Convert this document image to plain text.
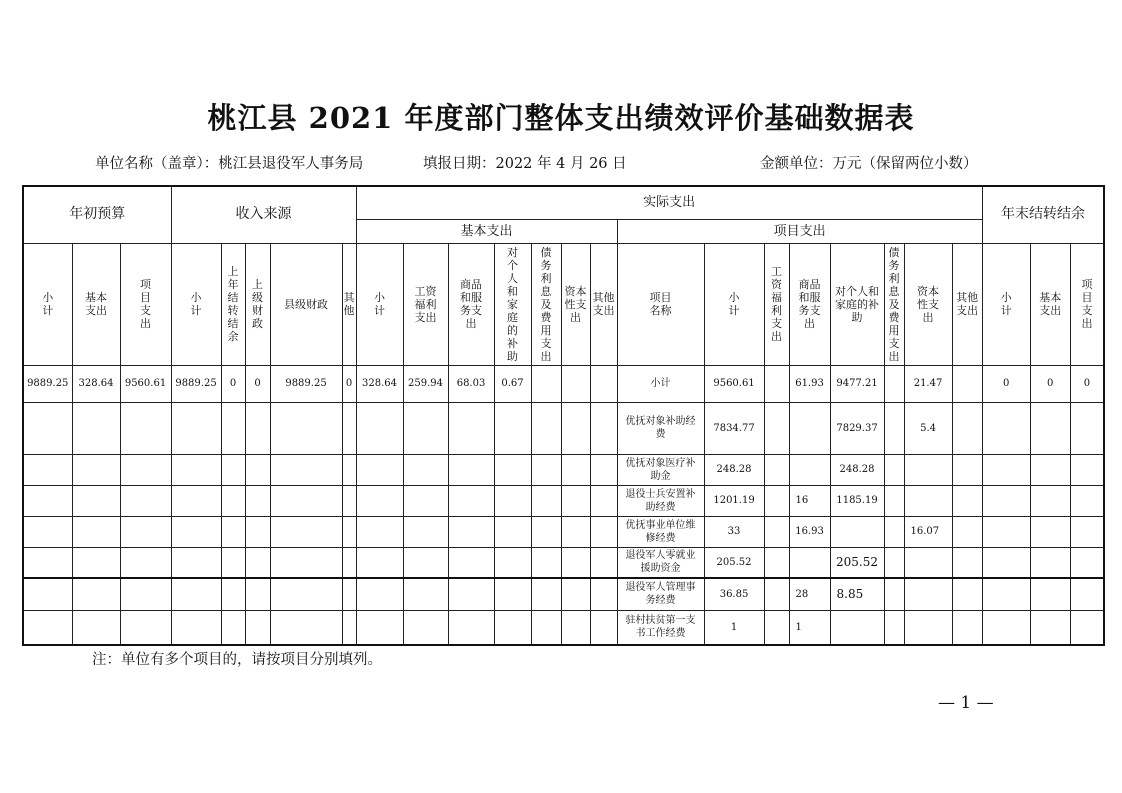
桃江县 2021 年度部门整体支出绩效评价基础数据表
单位名称（盖章）：桃江县退役军人事务局	填报日期：2022 年 4 月 26 日	金额单位：万元（保留两位小数）
年初预算			收入来源					实际支出															年末结转结余		
								基本支出							项目支出										

小计	基本支出	项目支出	小计	上年结转结余	上级财政	县级财政	其他	小计	工资福利支出	商品和服务支出	对个人和家庭的补助	债务利息及费用支出	资本性支出	其他支出	项目名称	小计	工资福利支出	商品和服务支出	对个人和家庭的补助	债务利息及费用支出	资本性支出	其他支出	小计	基本支出	项目支出

9889.25	328.64	9560.61	9889.25	0	0	9889.25	0	328.64	259.94	68.03	0.67				小计	9560.61		61.93	9477.21		21.47		0	0	0
															优抚对象补助经费	7834.77			7829.37		5.4				
															优抚对象医疗补助金	248.28			248.28						
															退役士兵安置补助经费	1201.19		16	1185.19						
															优抚事业单位维修经费	33		16.93			16.07				
															退役军人零就业援助资金	205.52			205.52						
															退役军人管理事务经费	36.85		28	8.85						
															驻村扶贫第一支书工作经费	1		1							
注：单位有多个项目的，请按项目分别填列。
— 1 —
